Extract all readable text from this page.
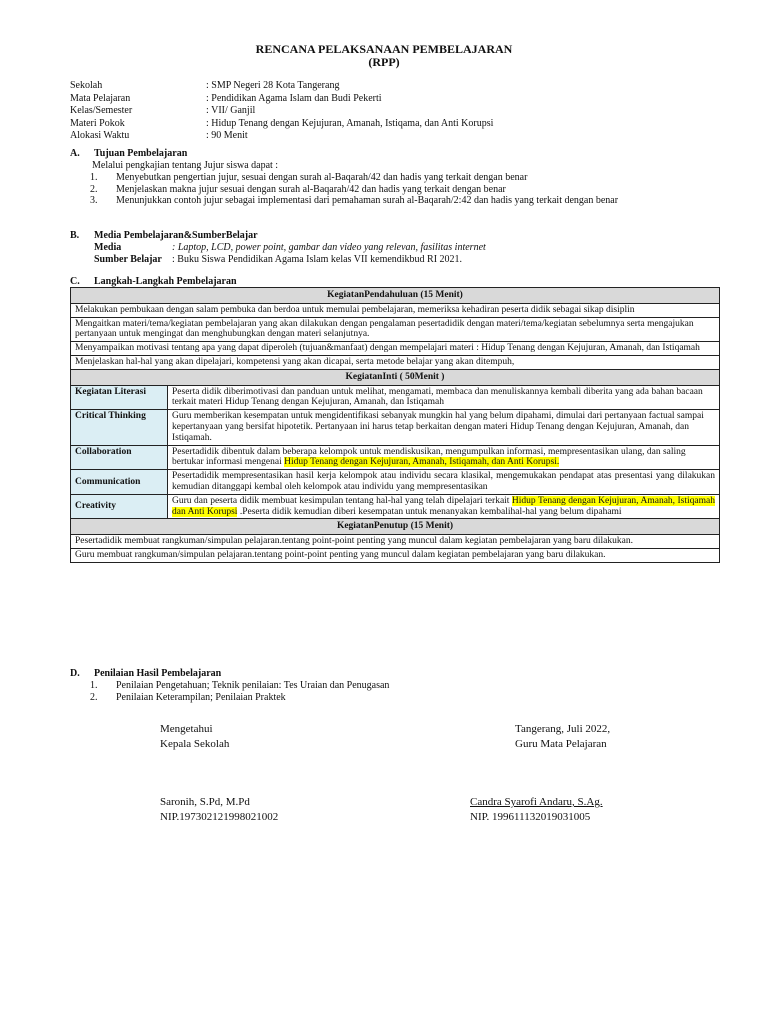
RENCANA PELAKSANAAN PEMBELAJARAN
(RPP)
Sekolah	: SMP Negeri 28 Kota Tangerang
Mata Pelajaran	: Pendidikan Agama Islam dan Budi Pekerti
Kelas/Semester	: VII/ Ganjil
Materi Pokok	: Hidup Tenang dengan Kejujuran, Amanah, Istiqama, dan Anti Korupsi
Alokasi Waktu	: 90 Menit
A. Tujuan Pembelajaran
Melalui pengkajian tentang Jujur siswa dapat :
1.	Menyebutkan pengertian jujur, sesuai dengan surah al-Baqarah/42 dan hadis yang terkait dengan benar
2.	Menjelaskan makna jujur sesuai dengan surah al-Baqarah/42 dan hadis yang terkait dengan benar
3.	Menunjukkan contoh jujur sebagai implementasi dari pemahaman surah al-Baqarah/2:42 dan hadis yang terkait dengan benar
B. Media Pembelajaran&SumberBelajar
Media	: Laptop, LCD, power point, gambar dan video yang relevan, fasilitas internet
Sumber Belajar : Buku Siswa Pendidikan Agama Islam kelas VII kemendikbud RI 2021.
C. Langkah-Langkah Pembelajaran
KegiatanPendahuluan (15 Menit)	
Melakukan pembukaan dengan salam pembuka dan berdoa untuk memulai pembelajaran, memeriksa kehadiran peserta didik sebagai sikap disiplin	
Mengaitkan materi/tema/kegiatan pembelajaran yang akan dilakukan dengan pengalaman pesertadidik dengan materi/tema/kegiatan sebelumnya serta mengajukan pertanyaan untuk mengingat dan menghubungkan dengan materi selanjutnya.	
Menyampaikan motivasi tentang apa yang dapat diperoleh (tujuan&manfaat) dengan mempelajari materi : Hidup Tenang dengan Kejujuran, Amanah, dan Istiqamah	
Menjelaskan hal-hal yang akan dipelajari, kompetensi yang akan dicapai, serta metode belajar yang akan ditempuh,	
KegiatanInti ( 50Menit )	
Kegiatan Literasi	Peserta didik diberimotivasi dan panduan untuk melihat, mengamati, membaca dan menuliskannya kembali diberita yang ada bahan bacaan terkait materi Hidup Tenang dengan Kejujuran, Amanah, dan Istiqamah
Critical Thinking	Guru memberikan kesempatan untuk mengidentifikasi sebanyak mungkin hal yang belum dipahami, dimulai dari pertanyaan factual sampai kepertanyaan yang bersifat hipotetik. Pertanyaan ini harus tetap berkaitan dengan materi Hidup Tenang dengan Kejujuran, Amanah, dan Istiqamah.
Collaboration	Pesertadidik dibentuk dalam beberapa kelompok untuk mendiskusikan, mengumpulkan informasi, mempresentasikan ulang, dan saling bertukar informasi mengenai Hidup Tenang dengan Kejujuran, Amanah, Istiqamah, dan Anti Korupsi.
Communication	Pesertadidik mempresentasikan hasil kerja kelompok atau individu secara klasikal, mengemukakan pendapat atas presentasi yang dilakukan kemudian ditanggapi kembal oleh kelompok atau individu yang mempresentasikan
Creativity	Guru dan peserta didik membuat kesimpulan tentang hal-hal yang telah dipelajari terkait Hidup Tenang dengan Kejujuran, Amanah, Istiqamah dan Anti Korupsi .Peserta didik kemudian diberi kesempatan untuk menanyakan kembalihal-hal yang belum dipahami
KegiatanPenutup (15 Menit)	
Pesertadidik membuat rangkuman/simpulan pelajaran.tentang point-point penting yang muncul dalam kegiatan pembelajaran yang baru dilakukan.	
Guru membuat rangkuman/simpulan pelajaran.tentang point-point penting yang muncul dalam kegiatan pembelajaran yang baru dilakukan.	
D. Penilaian Hasil Pembelajaran
1.	Penilaian Pengetahuan; Teknik penilaian: Tes Uraian dan Penugasan
2.	Penilaian Keterampilan; Penilaian Praktek
Mengetahui
Kepala Sekolah
Saronih, S.Pd, M.Pd
NIP.197302121998021002
Tangerang, Juli 2022,
Guru Mata Pelajaran
Candra Syarofi Andaru, S.Ag.
NIP. 199611132019031005
